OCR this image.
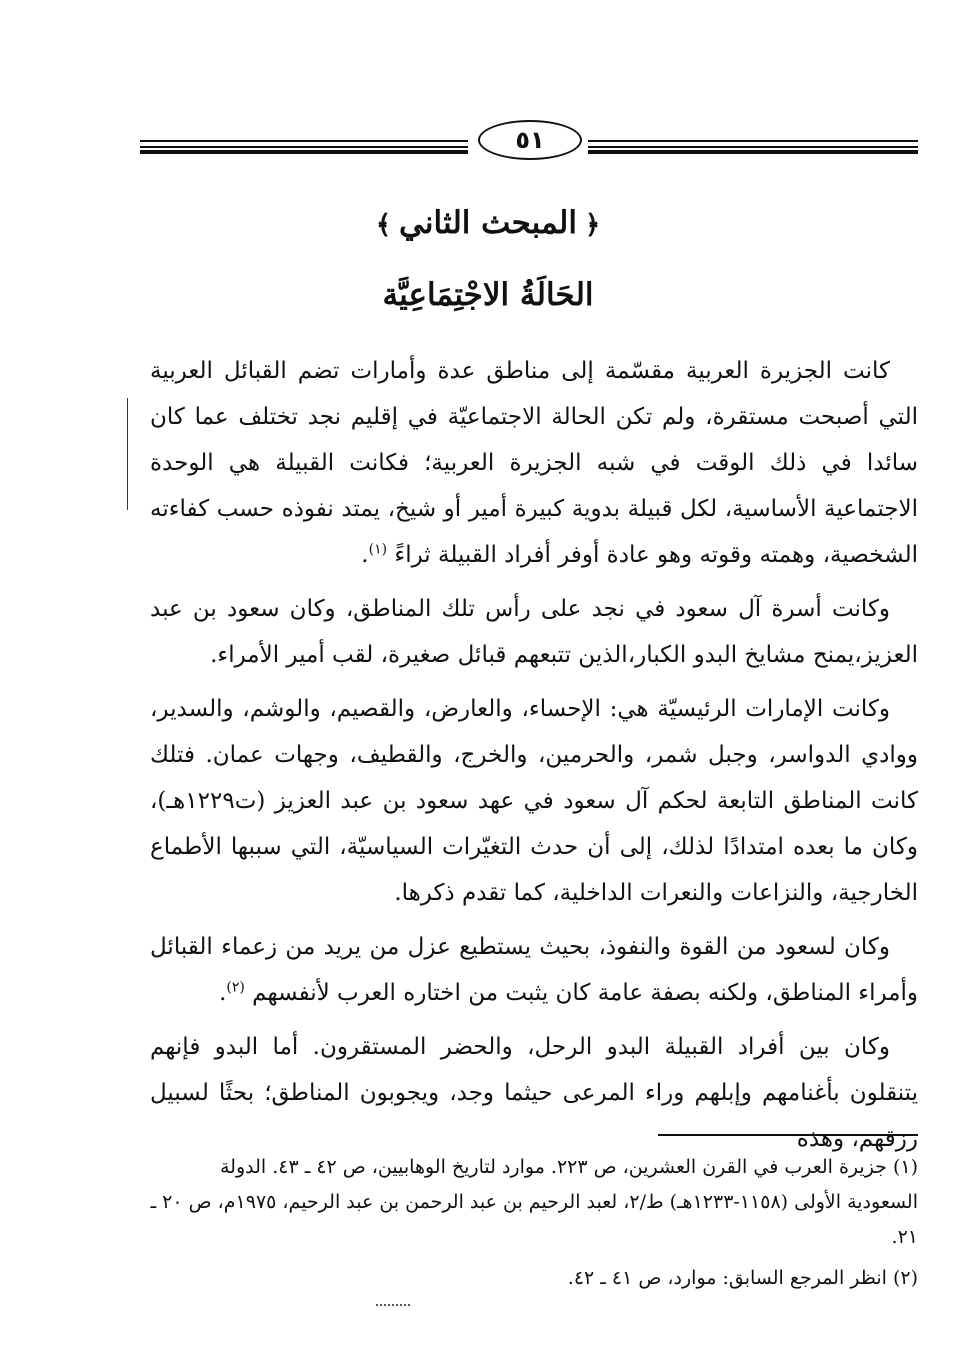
٥١
﴿المبحث الثاني﴾
الحَالَةُ الاجْتِمَاعِيَّة

كانت الجزيرة العربية مقسّمة إلى مناطق عدة وأمارات تضم القبائل العربية التي أصبحت مستقرة، ولم تكن الحالة الاجتماعيّة في إقليم نجد تختلف عما كان سائدا في ذلك الوقت في شبه الجزيرة العربية؛ فكانت القبيلة هي الوحدة الاجتماعية الأساسية، لكل قبيلة بدوية كبيرة أمير أو شيخ، يمتد نفوذه حسب كفاءته الشخصية، وهمته وقوته وهو عادة أوفر أفراد القبيلة ثراءً $^{(١)}$.

وكانت أسرة آل سعود في نجد على رأس تلك المناطق، وكان سعود بن عبد العزيز،يمنح مشايخ البدو الكبار،الذين تتبعهم قبائل صغيرة، لقب أمير الأمراء.

وكانت الإمارات الرئيسيّة هي: الإحساء، والعارض، والقصيم، والوشم، والسدير، ووادي الدواسر، وجبل شمر، والحرمين، والخرج، والقطيف، وجهات عمان. فتلك كانت المناطق التابعة لحكم آل سعود في عهد سعود بن عبد العزيز (ت١٢٢٩هـ)، وكان ما بعده امتدادًا لذلك، إلى أن حدث التغيّرات السياسيّة، التي سببها الأطماع الخارجية، والنزاعات والنعرات الداخلية، كما تقدم ذكرها.

وكان لسعود من القوة والنفوذ، بحيث يستطيع عزل من يريد من زعماء القبائل وأمراء المناطق، ولكنه بصفة عامة كان يثبت من اختاره العرب لأنفسهم $^{(٢)}$.

وكان بين أفراد القبيلة البدو الرحل، والحضر المستقرون. أما البدو فإنهم يتنقلون بأغنامهم وإبلهم وراء المرعى حيثما وجد، ويجوبون المناطق؛ بحثًا لسبيل رزقهم، وهذه

(١)جزيرة العرب في القرن العشرين، ص ٢٢٣. موارد لتاريخ الوهابيين، ص ٤٢ ـ ٤٣. الدولة السعودية الأولى (١١٥٨-١٢٣٣هـ) ط/٢، لعبد الرحيم بن عبد الرحمن بن عبد الرحيم، ١٩٧٥م، ص ٢٠ ـ ٢١.

(٢)انظر المرجع السابق: موارد، ص ٤١ ـ ٤٢.
